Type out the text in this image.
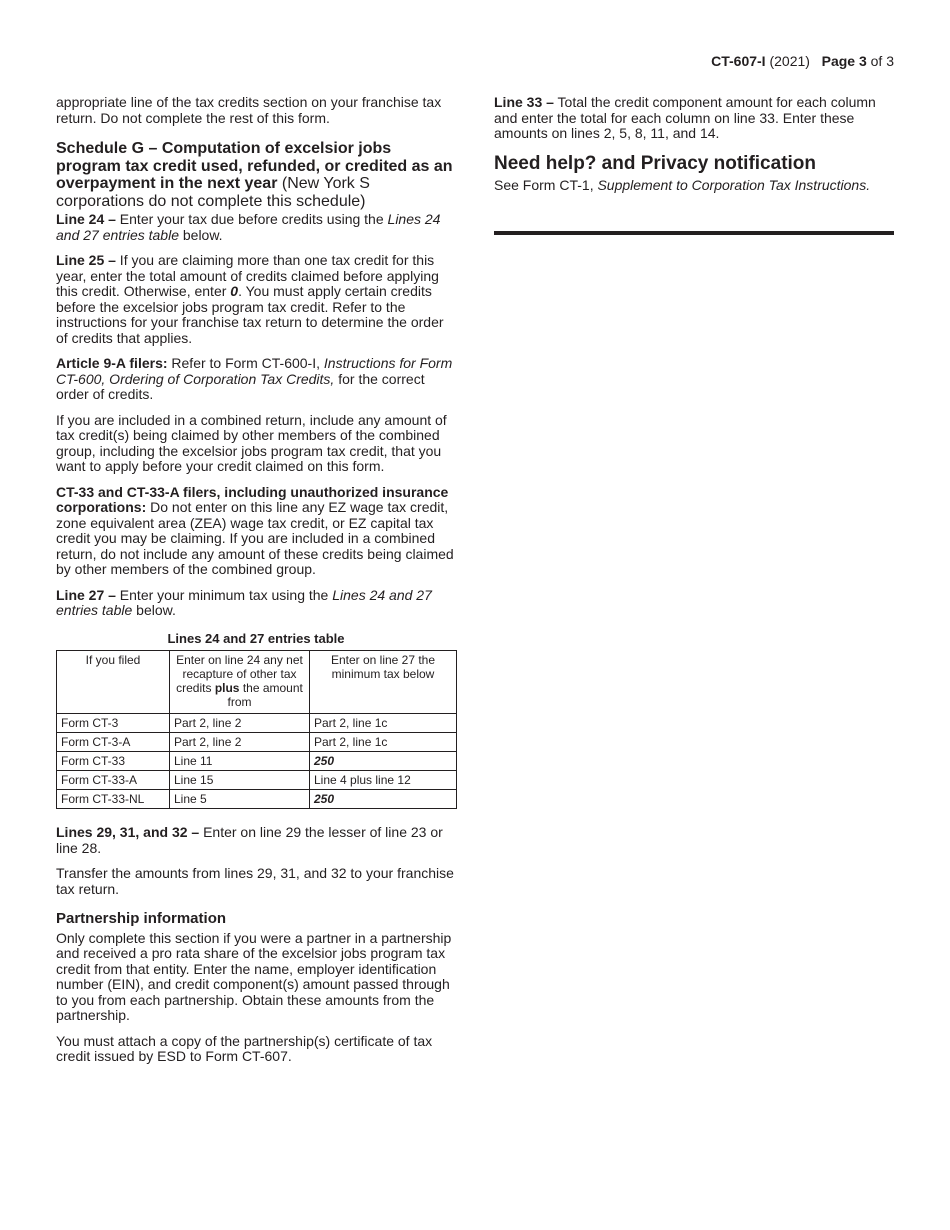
CT-607-I (2021) Page 3 of 3

appropriate line of the tax credits section on your franchise tax return. Do not complete the rest of this form.

Schedule G – Computation of excelsior jobs program tax credit used, refunded, or credited as an overpayment in the next year (New York S corporations do not complete this schedule)

Line 24 – Enter your tax due before credits using the Lines 24 and 27 entries table below.

Line 25 – If you are claiming more than one tax credit for this year, enter the total amount of credits claimed before applying this credit. Otherwise, enter 0. You must apply certain credits before the excelsior jobs program tax credit. Refer to the instructions for your franchise tax return to determine the order of credits that applies.

Article 9-A filers: Refer to Form CT-600-I, Instructions for Form CT-600, Ordering of Corporation Tax Credits, for the correct order of credits.

If you are included in a combined return, include any amount of tax credit(s) being claimed by other members of the combined group, including the excelsior jobs program tax credit, that you want to apply before your credit claimed on this form.

CT-33 and CT-33-A filers, including unauthorized insurance corporations: Do not enter on this line any EZ wage tax credit, zone equivalent area (ZEA) wage tax credit, or EZ capital tax credit you may be claiming. If you are included in a combined return, do not include any amount of these credits being claimed by other members of the combined group.

Line 27 – Enter your minimum tax using the Lines 24 and 27 entries table below.

Lines 24 and 27 entries table
If you filed	Enter on line 24 any net recapture of other tax credits plus the amount from	Enter on line 27 the minimum tax below
Form CT-3	Part 2, line 2	Part 2, line 1c
Form CT-3-A	Part 2, line 2	Part 2, line 1c
Form CT-33	Line 11	250
Form CT-33-A	Line 15	Line 4 plus line 12
Form CT-33-NL	Line 5	250

Lines 29, 31, and 32 – Enter on line 29 the lesser of line 23 or line 28.

Transfer the amounts from lines 29, 31, and 32 to your franchise tax return.

Partnership information

Only complete this section if you were a partner in a partnership and received a pro rata share of the excelsior jobs program tax credit from that entity. Enter the name, employer identification number (EIN), and credit component(s) amount passed through to you from each partnership. Obtain these amounts from the partnership.

You must attach a copy of the partnership(s) certificate of tax credit issued by ESD to Form CT-607.

Line 33 – Total the credit component amount for each column and enter the total for each column on line 33. Enter these amounts on lines 2, 5, 8, 11, and 14.

Need help? and Privacy notification

See Form CT-1, Supplement to Corporation Tax Instructions.
